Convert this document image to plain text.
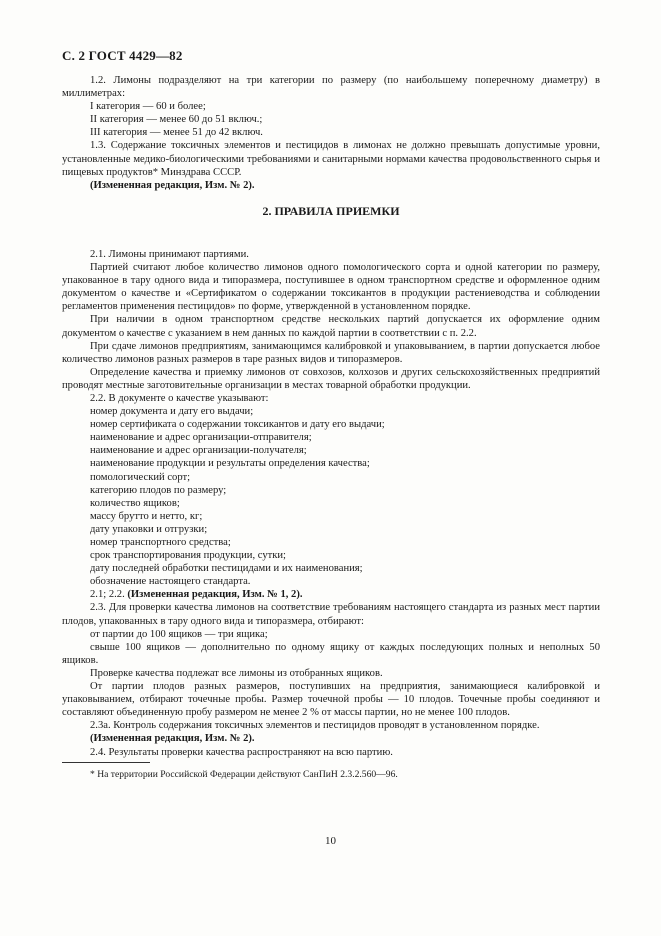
С. 2 ГОСТ 4429—82

1.2. Лимоны подразделяют на три категории по размеру (по наибольшему поперечному диаметру) в миллиметрах:

I категория — 60 и более;

II категория — менее 60 до 51 включ.;

III категория — менее 51 до 42 включ.

1.3. Содержание токсичных элементов и пестицидов в лимонах не должно превышать допустимые уровни, установленные медико-биологическими требованиями и санитарными нормами качества продовольственного сырья и пищевых продуктов* Минздрава СССР.

(Измененная редакция, Изм. № 2).

2. ПРАВИЛА ПРИЕМКИ

2.1. Лимоны принимают партиями.

Партией считают любое количество лимонов одного помологического сорта и одной категории по размеру, упакованное в тару одного вида и типоразмера, поступившее в одном транспортном средстве и оформленное одним документом о качестве и «Сертификатом о содержании токсикантов в продукции растениеводства и соблюдении регламентов применения пестицидов» по форме, утвержденной в установленном порядке.

При наличии в одном транспортном средстве нескольких партий допускается их оформление одним документом о качестве с указанием в нем данных по каждой партии в соответствии с п. 2.2.

При сдаче лимонов предприятиям, занимающимся калибровкой и упаковыванием, в партии допускается любое количество лимонов разных размеров в таре разных видов и типоразмеров.

Определение качества и приемку лимонов от совхозов, колхозов и других сельскохозяйственных предприятий проводят местные заготовительные организации в местах товарной обработки продукции.

2.2. В документе о качестве указывают:

номер документа и дату его выдачи;

номер сертификата о содержании токсикантов и дату его выдачи;

наименование и адрес организации-отправителя;

наименование и адрес организации-получателя;

наименование продукции и результаты определения качества;

помологический сорт;

категорию плодов по размеру;

количество ящиков;

массу брутто и нетто, кг;

дату упаковки и отгрузки;

номер транспортного средства;

срок транспортирования продукции, сутки;

дату последней обработки пестицидами и их наименования;

обозначение настоящего стандарта.

2.1; 2.2. (Измененная редакция, Изм. № 1, 2).

2.3. Для проверки качества лимонов на соответствие требованиям настоящего стандарта из разных мест партии плодов, упакованных в тару одного вида и типоразмера, отбирают:

от партии до 100 ящиков — три ящика;

свыше 100 ящиков — дополнительно по одному ящику от каждых последующих полных и неполных 50 ящиков.

Проверке качества подлежат все лимоны из отобранных ящиков.

От партии плодов разных размеров, поступивших на предприятия, занимающиеся калибровкой и упаковыванием, отбирают точечные пробы. Размер точечной пробы — 10 плодов. Точечные пробы соединяют и составляют объединенную пробу размером не менее 2 % от массы партии, но не менее 100 плодов.

2.3а. Контроль содержания токсичных элементов и пестицидов проводят в установленном порядке.

(Измененная редакция, Изм. № 2).

2.4. Результаты проверки качества распространяют на всю партию.

* На территории Российской Федерации действуют СанПиН 2.3.2.560—96.

10
